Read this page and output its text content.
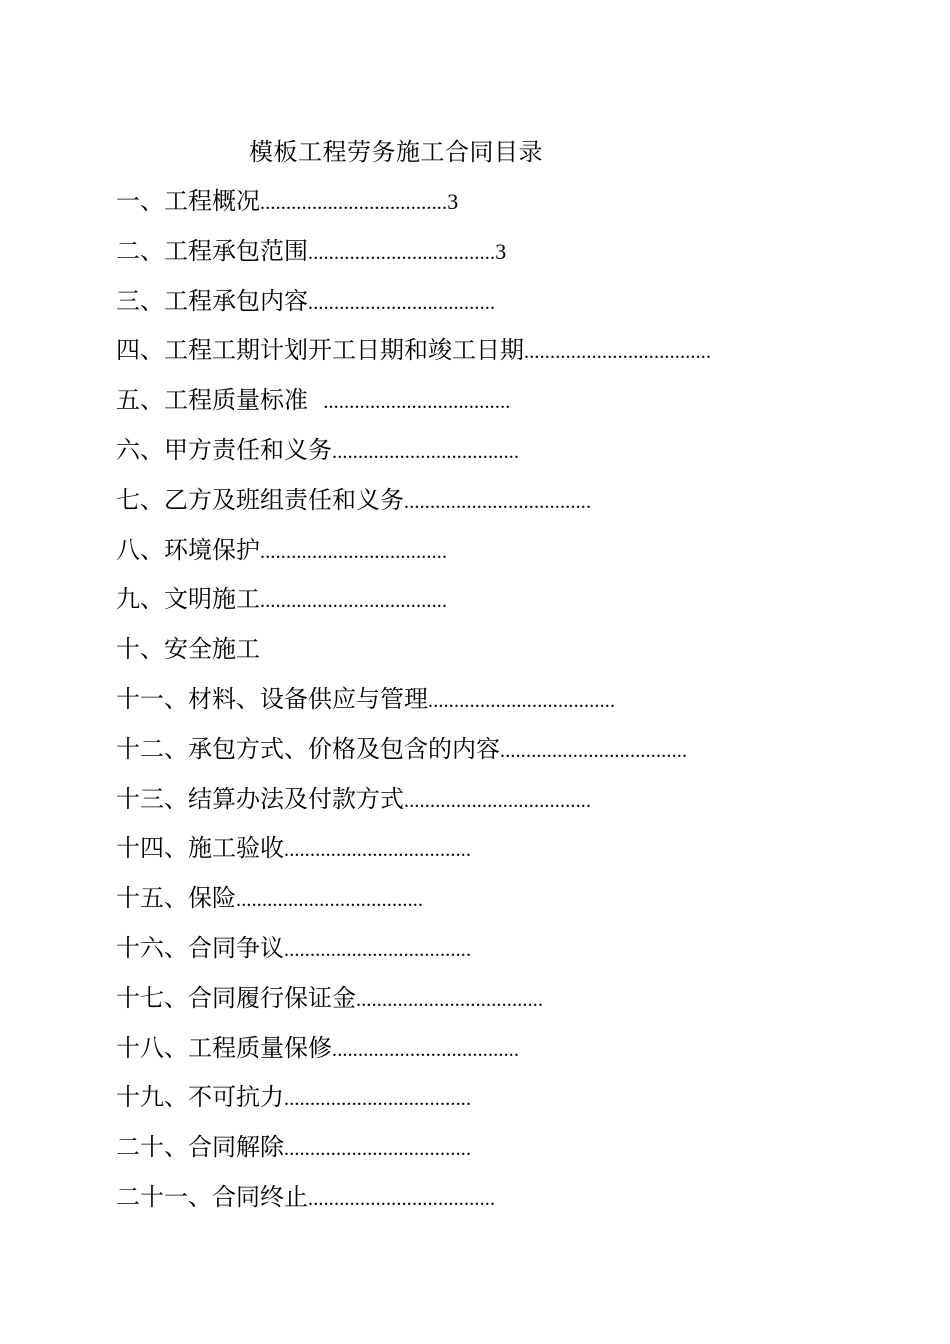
模板工程劳务施工合同目录
一、工程概况....................................3
二、工程承包范围....................................3
三、工程承包内容....................................
四、工程工期计划开工日期和竣工日期....................................
五、工程质量标准  ....................................
六、甲方责任和义务....................................
七、乙方及班组责任和义务....................................
八、环境保护....................................
九、文明施工....................................
十、安全施工
十一、材料、设备供应与管理....................................
十二、承包方式、价格及包含的内容....................................
十三、结算办法及付款方式....................................
十四、施工验收....................................
十五、保险....................................
十六、合同争议....................................
十七、合同履行保证金....................................
十八、工程质量保修....................................
十九、不可抗力....................................
二十、合同解除....................................
二十一、合同终止....................................
